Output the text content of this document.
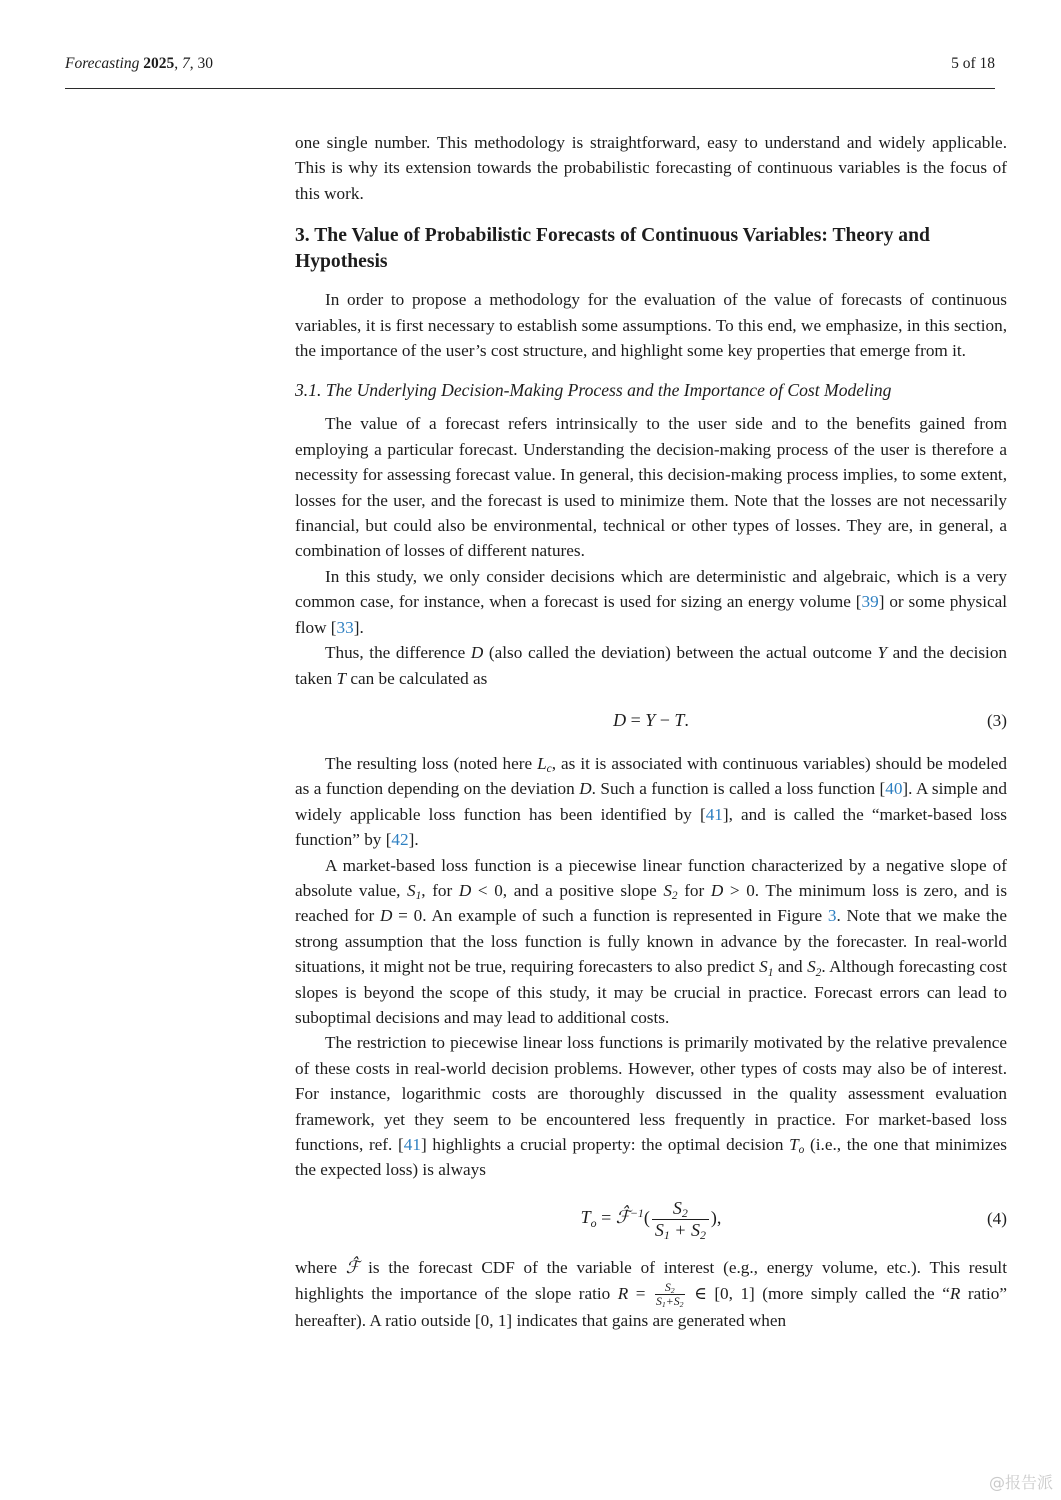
Forecasting 2025, 7, 30	5 of 18

one single number. This methodology is straightforward, easy to understand and widely applicable. This is why its extension towards the probabilistic forecasting of continuous variables is the focus of this work.

3. The Value of Probabilistic Forecasts of Continuous Variables: Theory and Hypothesis

In order to propose a methodology for the evaluation of the value of forecasts of continuous variables, it is first necessary to establish some assumptions. To this end, we emphasize, in this section, the importance of the user’s cost structure, and highlight some key properties that emerge from it.

3.1. The Underlying Decision-Making Process and the Importance of Cost Modeling

The value of a forecast refers intrinsically to the user side and to the benefits gained from employing a particular forecast. Understanding the decision-making process of the user is therefore a necessity for assessing forecast value. In general, this decision-making process implies, to some extent, losses for the user, and the forecast is used to minimize them. Note that the losses are not necessarily financial, but could also be environmental, technical or other types of losses. They are, in general, a combination of losses of different natures.

In this study, we only consider decisions which are deterministic and algebraic, which is a very common case, for instance, when a forecast is used for sizing an energy volume [39] or some physical flow [33].

Thus, the difference D (also called the deviation) between the actual outcome Y and the decision taken T can be calculated as

D = Y − T.	(3)

The resulting loss (noted here $L_c$, as it is associated with continuous variables) should be modeled as a function depending on the deviation D. Such a function is called a loss function [40]. A simple and widely applicable loss function has been identified by [41], and is called the “market-based loss function” by [42].

A market-based loss function is a piecewise linear function characterized by a negative slope of absolute value, $S_1$, for D < 0, and a positive slope $S_2$ for D > 0. The minimum loss is zero, and is reached for D = 0. An example of such a function is represented in Figure 3. Note that we make the strong assumption that the loss function is fully known in advance by the forecaster. In real-world situations, it might not be true, requiring forecasters to also predict $S_1$ and $S_2$. Although forecasting cost slopes is beyond the scope of this study, it may be crucial in practice. Forecast errors can lead to suboptimal decisions and may lead to additional costs.

The restriction to piecewise linear loss functions is primarily motivated by the relative prevalence of these costs in real-world decision problems. However, other types of costs may also be of interest. For instance, logarithmic costs are thoroughly discussed in the quality assessment evaluation framework, yet they seem to be encountered less frequently in practice. For market-based loss functions, ref. [41] highlights a crucial property: the optimal decision $T_o$ (i.e., the one that minimizes the expected loss) is always

$T_o$ = ℱ̂$^{-1}$( $\frac{S_2}{S_1 + S_2}$ ),	(4)

where ℱ̂ is the forecast CDF of the variable of interest (e.g., energy volume, etc.). This result highlights the importance of the slope ratio $R = \frac{S_2}{S_1+S_2}$ ∈ [0, 1] (more simply called the “R ratio” hereafter). A ratio outside [0, 1] indicates that gains are generated when

@报告派
